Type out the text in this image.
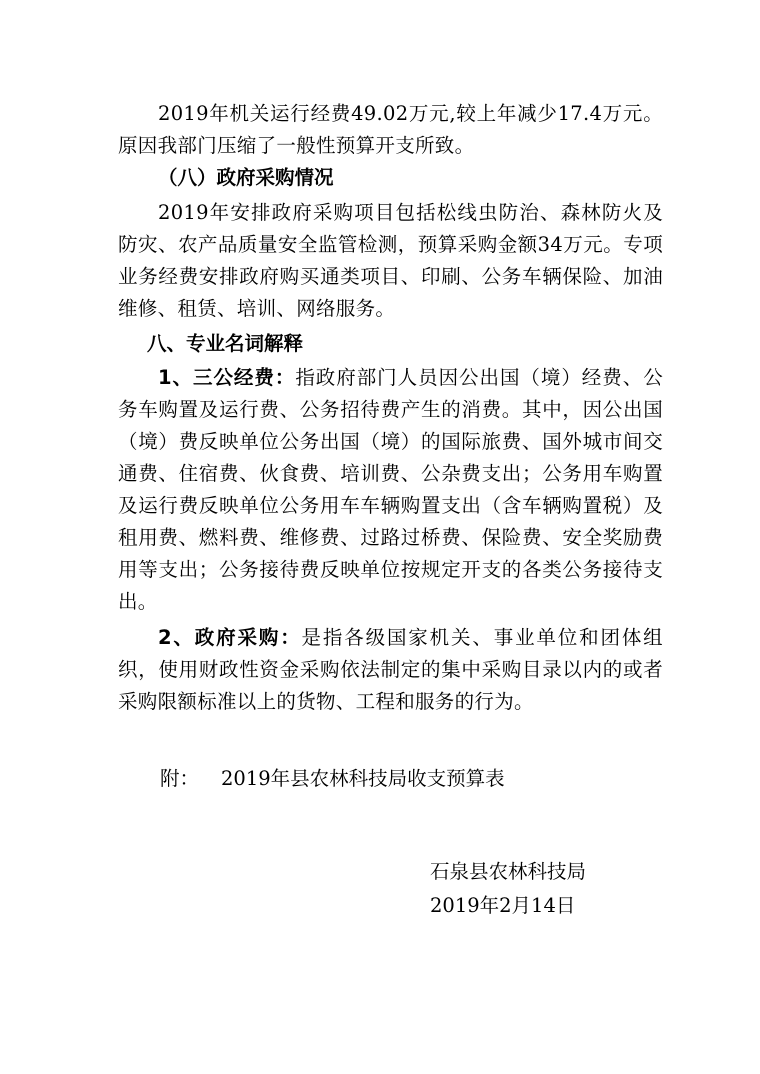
2019年机关运行经费49.02万元,较上年减少17.4万元。原因我部门压缩了一般性预算开支所致。

（八）政府采购情况

2019年安排政府采购项目包括松线虫防治、森林防火及防灾、农产品质量安全监管检测，预算采购金额34万元。专项业务经费安排政府购买通类项目、印刷、公务车辆保险、加油维修、租赁、培训、网络服务。

八、专业名词解释

1、三公经费：指政府部门人员因公出国（境）经费、公务车购置及运行费、公务招待费产生的消费。其中，因公出国（境）费反映单位公务出国（境）的国际旅费、国外城市间交通费、住宿费、伙食费、培训费、公杂费支出；公务用车购置及运行费反映单位公务用车车辆购置支出（含车辆购置税）及租用费、燃料费、维修费、过路过桥费、保险费、安全奖励费用等支出；公务接待费反映单位按规定开支的各类公务接待支出。

2、政府采购：是指各级国家机关、事业单位和团体组织，使用财政性资金采购依法制定的集中采购目录以内的或者采购限额标准以上的货物、工程和服务的行为。

附： 2019年县农林科技局收支预算表

石泉县农林科技局

2019年2月14日
